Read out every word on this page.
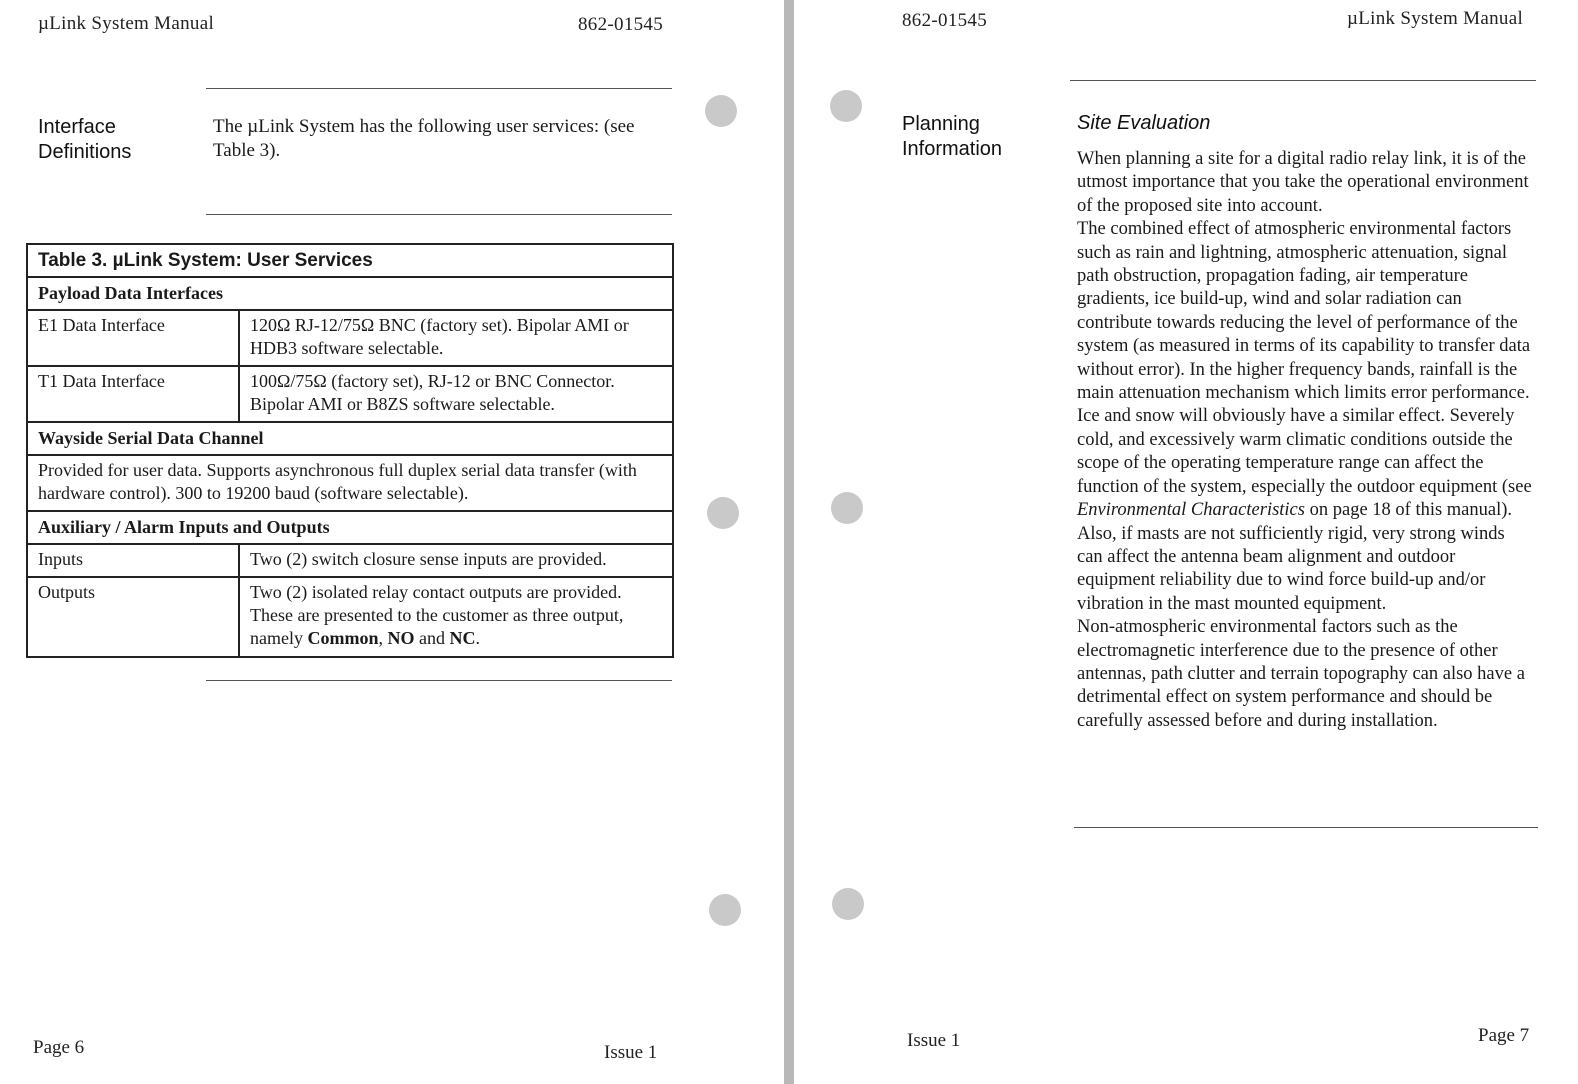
µLink System Manual	862-01545
Interface
Definitions
The µLink System has the following user services: (see Table 3).
Table 3. µLink System: User Services	
Payload Data Interfaces	
E1 Data Interface	120Ω RJ-12/75Ω BNC (factory set). Bipolar AMI or HDB3 software selectable.
T1 Data Interface	100Ω/75Ω (factory set), RJ-12 or BNC Connector. Bipolar AMI or B8ZS software selectable.
Wayside Serial Data Channel	
Provided for user data. Supports asynchronous full duplex serial data transfer (with hardware control). 300 to 19200 baud (software selectable).	
Auxiliary / Alarm Inputs and Outputs	
Inputs	Two (2) switch closure sense inputs are provided.
Outputs	Two (2) isolated relay contact outputs are provided. These are presented to the customer as three output, namely Common, NO and NC.
Page 6	Issue 1
862-01545	µLink System Manual
Planning
Information
Site Evaluation

When planning a site for a digital radio relay link, it is of the utmost importance that you take the operational environment of the proposed site into account.

The combined effect of atmospheric environmental factors such as rain and lightning, atmospheric attenuation, signal path obstruction, propagation fading, air temperature gradients, ice build-up, wind and solar radiation can contribute towards reducing the level of performance of the system (as measured in terms of its capability to transfer data without error). In the higher frequency bands, rainfall is the main attenuation mechanism which limits error performance. Ice and snow will obviously have a similar effect. Severely cold, and excessively warm climatic conditions outside the scope of the operating temperature range can affect the function of the system, especially the outdoor equipment (see Environmental Characteristics on page 18 of this manual).

Also, if masts are not sufficiently rigid, very strong winds can affect the antenna beam alignment and outdoor equipment reliability due to wind force build-up and/or vibration in the mast mounted equipment.

Non-atmospheric environmental factors such as the electromagnetic interference due to the presence of other antennas, path clutter and terrain topography can also have a detrimental effect on system performance and should be carefully assessed before and during installation.

Issue 1	Page 7
